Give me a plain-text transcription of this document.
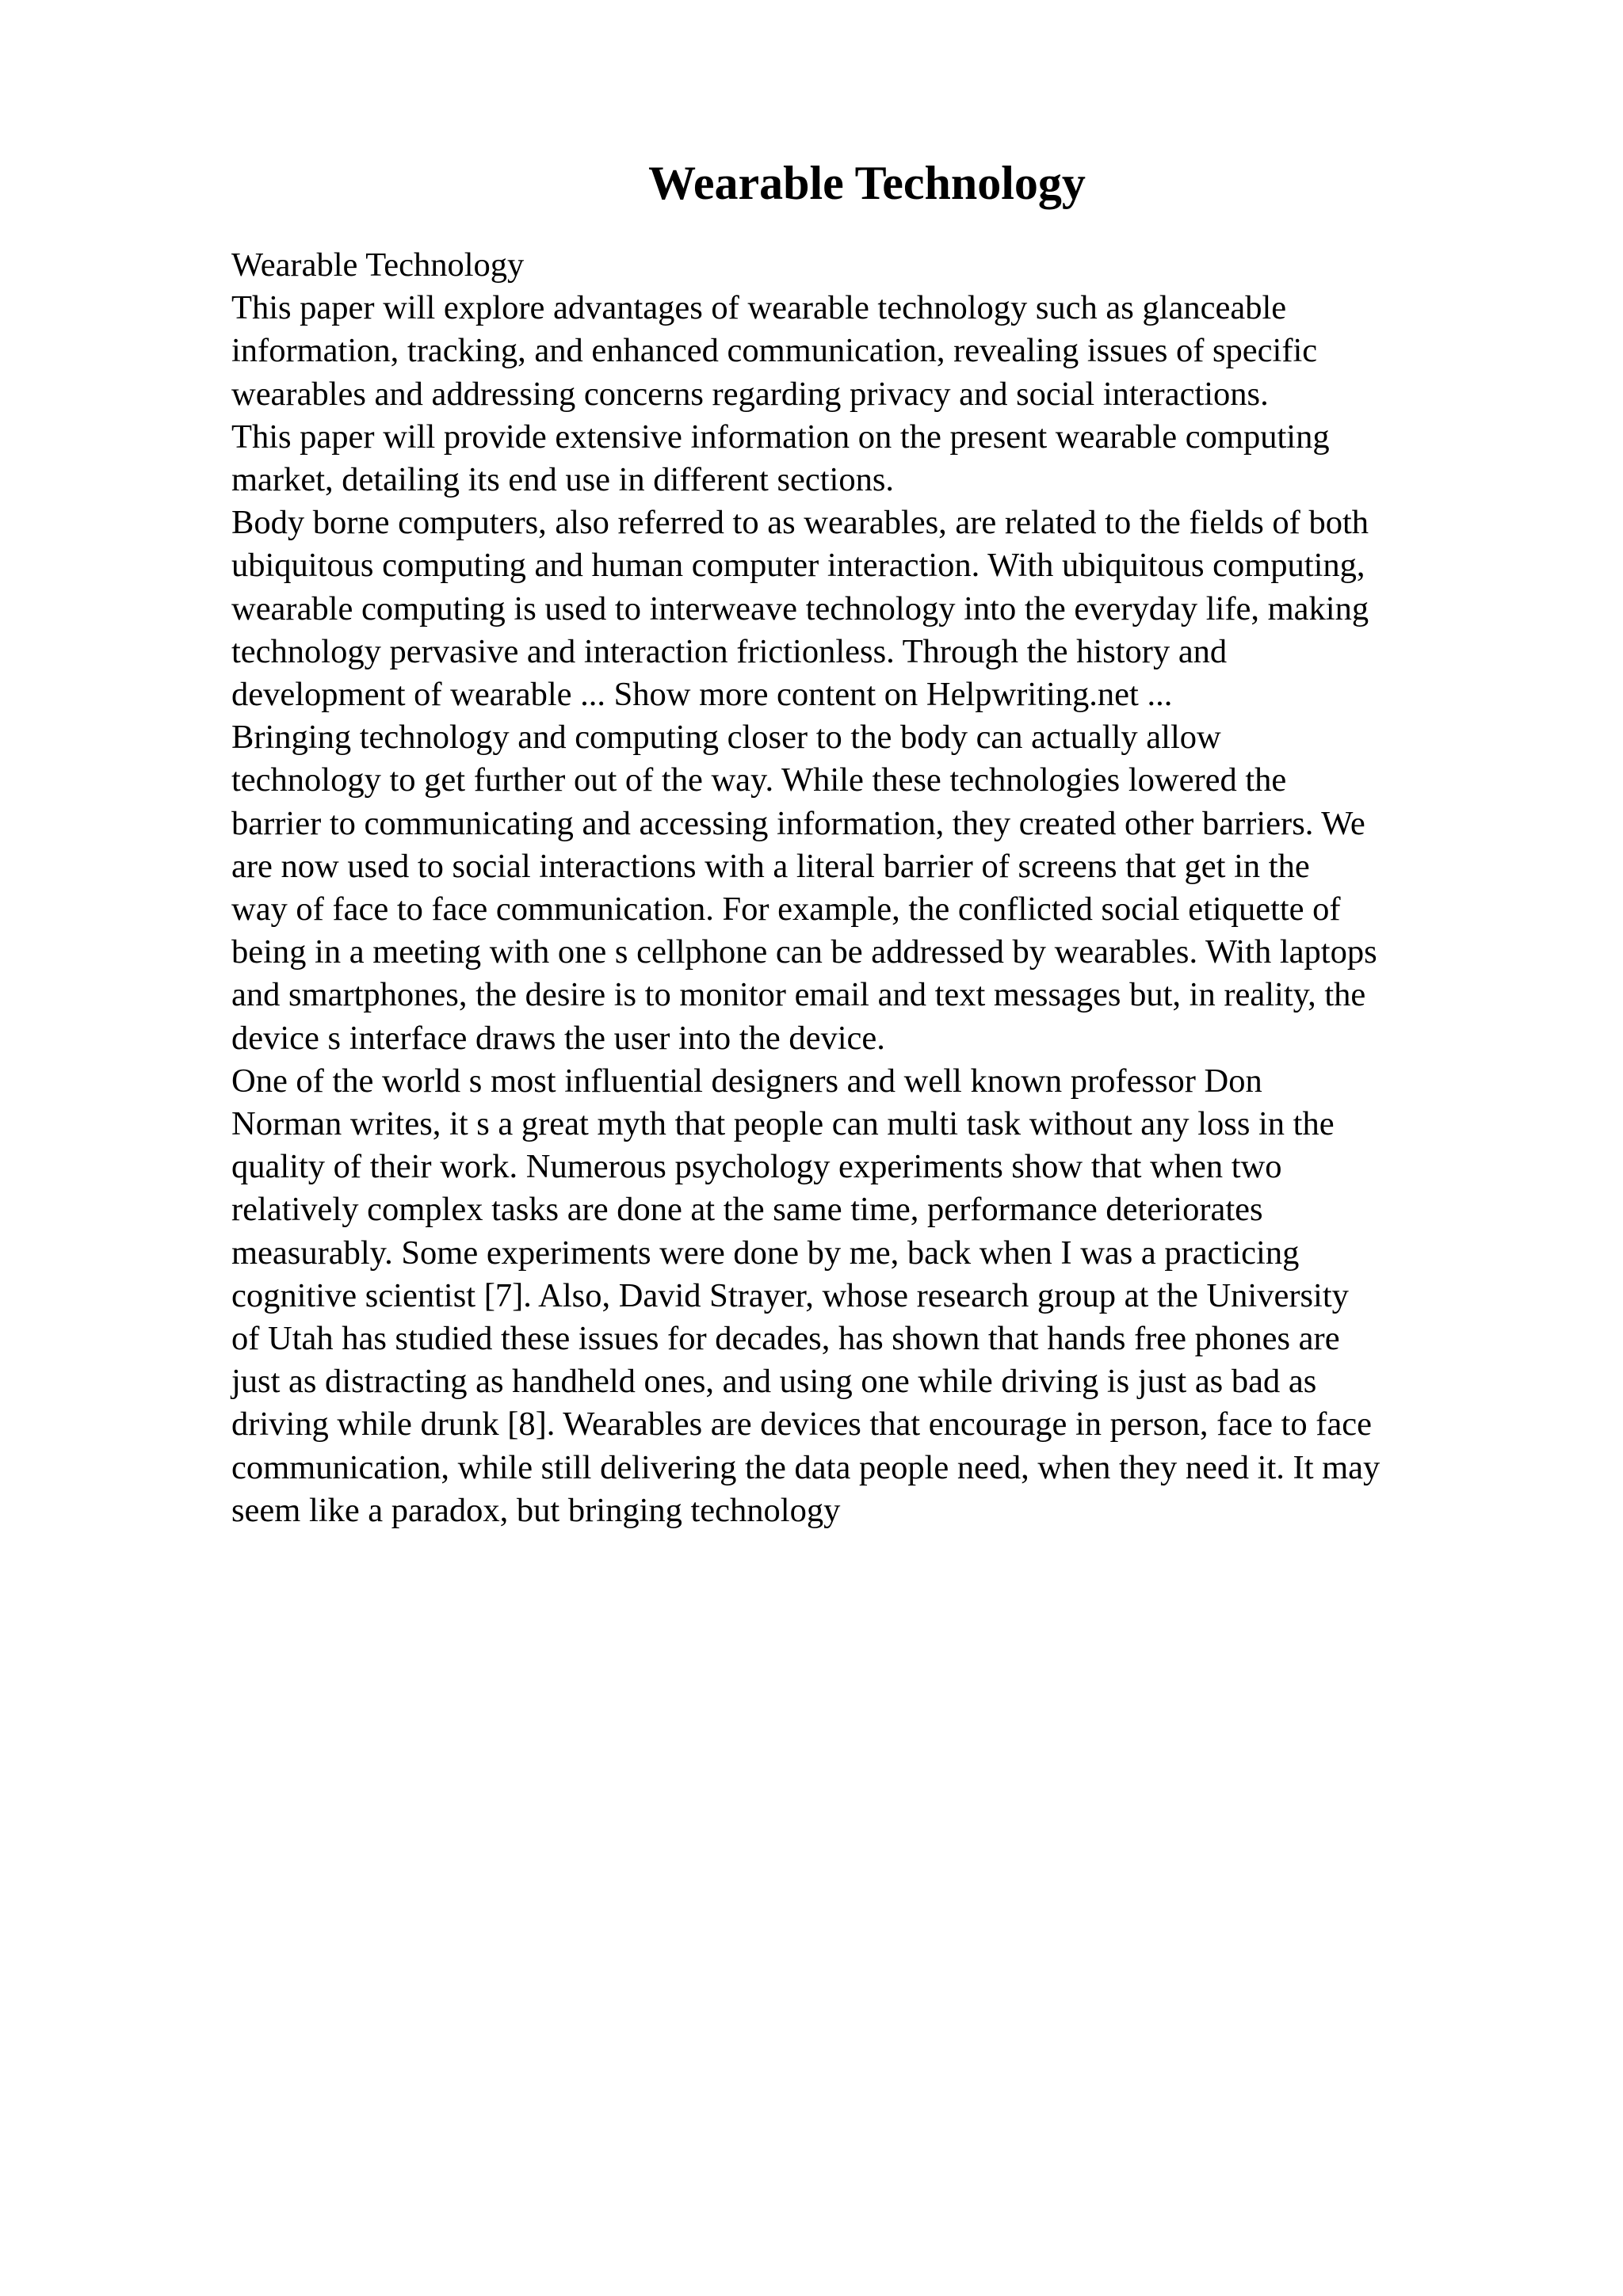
Wearable Technology
Wearable Technology
This paper will explore advantages of wearable technology such as glanceable
information, tracking, and enhanced communication, revealing issues of specific
wearables and addressing concerns regarding privacy and social interactions.
This paper will provide extensive information on the present wearable computing
market, detailing its end use in different sections.
Body borne computers, also referred to as wearables, are related to the fields of both
ubiquitous computing and human computer interaction. With ubiquitous computing,
wearable computing is used to interweave technology into the everyday life, making
technology pervasive and interaction frictionless. Through the history and
development of wearable ... Show more content on Helpwriting.net ...
Bringing technology and computing closer to the body can actually allow
technology to get further out of the way. While these technologies lowered the
barrier to communicating and accessing information, they created other barriers. We
are now used to social interactions with a literal barrier of screens that get in the
way of face to face communication. For example, the conflicted social etiquette of
being in a meeting with one s cellphone can be addressed by wearables. With laptops
and smartphones, the desire is to monitor email and text messages but, in reality, the
device s interface draws the user into the device.
One of the world s most influential designers and well known professor Don
Norman writes, it s a great myth that people can multi task without any loss in the
quality of their work. Numerous psychology experiments show that when two
relatively complex tasks are done at the same time, performance deteriorates
measurably. Some experiments were done by me, back when I was a practicing
cognitive scientist [7]. Also, David Strayer, whose research group at the University
of Utah has studied these issues for decades, has shown that hands free phones are
just as distracting as handheld ones, and using one while driving is just as bad as
driving while drunk [8]. Wearables are devices that encourage in person, face to face
communication, while still delivering the data people need, when they need it. It may
seem like a paradox, but bringing technology
